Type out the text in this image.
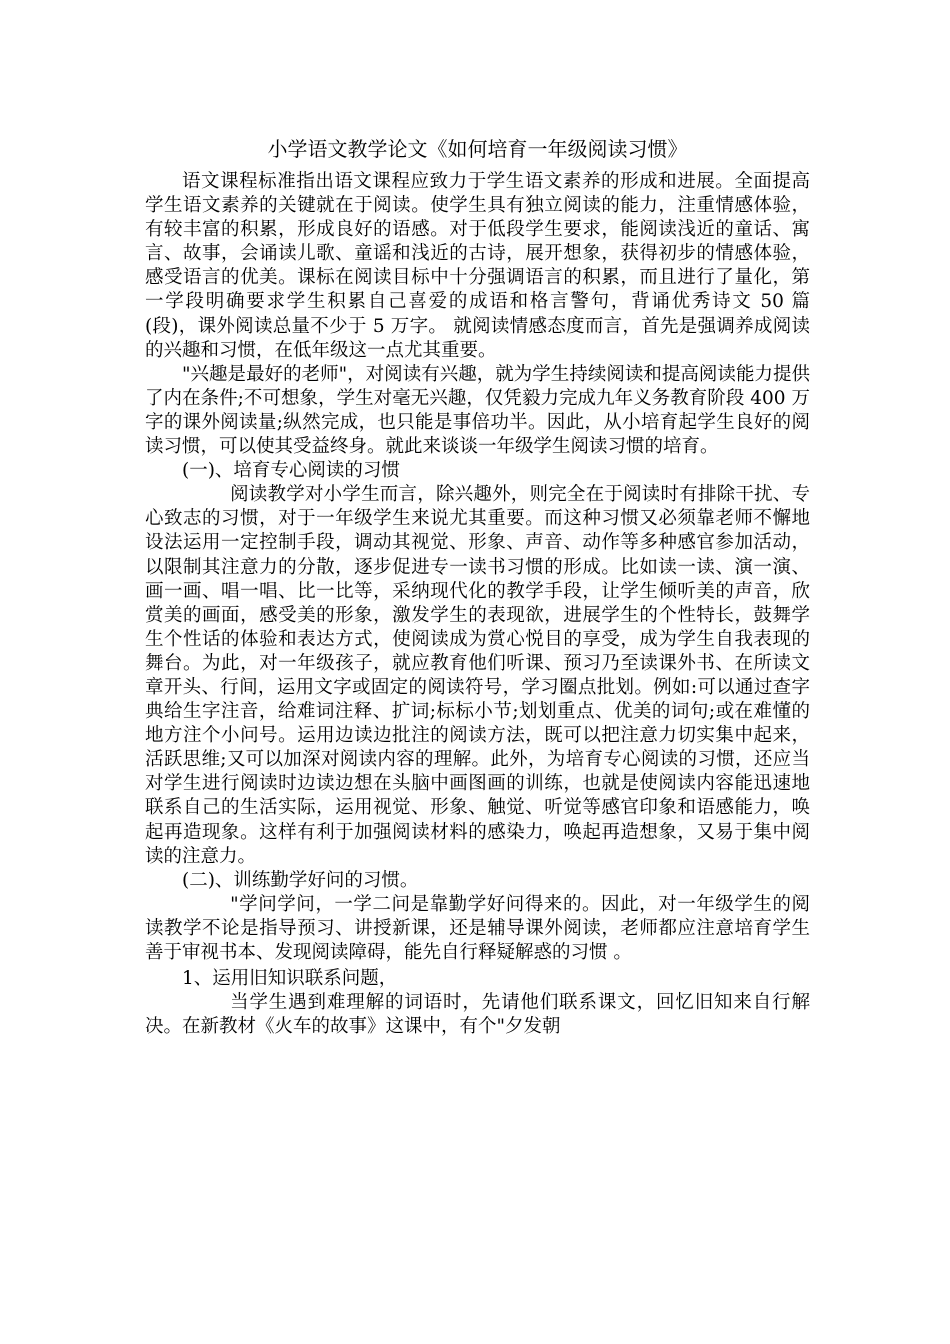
小学语文教学论文《如何培育一年级阅读习惯》

语文课程标准指出语文课程应致力于学生语文素养的形成和进展。全面提高学生语文素养的关键就在于阅读。使学生具有独立阅读的能力，注重情感体验，有较丰富的积累，形成良好的语感。对于低段学生要求，能阅读浅近的童话、寓言、故事，会诵读儿歌、童谣和浅近的古诗，展开想象，获得初步的情感体验，感受语言的优美。课标在阅读目标中十分强调语言的积累，而且进行了量化，第一学段明确要求学生积累自己喜爱的成语和格言警句，背诵优秀诗文 50 篇 (段)，课外阅读总量不少于 5 万字。 就阅读情感态度而言，首先是强调养成阅读的兴趣和习惯，在低年级这一点尤其重要。

"兴趣是最好的老师"，对阅读有兴趣，就为学生持续阅读和提高阅读能力提供了内在条件;不可想象，学生对毫无兴趣，仅凭毅力完成九年义务教育阶段 400 万字的课外阅读量;纵然完成，也只能是事倍功半。因此，从小培育起学生良好的阅读习惯，可以使其受益终身。就此来谈谈一年级学生阅读习惯的培育。

(一)、培育专心阅读的习惯

阅读教学对小学生而言，除兴趣外，则完全在于阅读时有排除干扰、专心致志的习惯，对于一年级学生来说尤其重要。而这种习惯又必须靠老师不懈地设法运用一定控制手段，调动其视觉、形象、声音、动作等多种感官参加活动，以限制其注意力的分散，逐步促进专一读书习惯的形成。比如读一读、演一演、画一画、唱一唱、比一比等，采纳现代化的教学手段，让学生倾听美的声音，欣赏美的画面，感受美的形象，激发学生的表现欲，进展学生的个性特长，鼓舞学生个性话的体验和表达方式，使阅读成为赏心悦目的享受，成为学生自我表现的舞台。为此，对一年级孩子，就应教育他们听课、预习乃至读课外书、在所读文章开头、行间，运用文字或固定的阅读符号，学习圈点批划。例如:可以通过查字典给生字注音，给难词注释、扩词;标标小节;划划重点、优美的词句;或在难懂的地方注个小问号。运用边读边批注的阅读方法，既可以把注意力切实集中起来，活跃思维;又可以加深对阅读内容的理解。此外，为培育专心阅读的习惯，还应当对学生进行阅读时边读边想在头脑中画图画的训练，也就是使阅读内容能迅速地联系自己的生活实际，运用视觉、形象、触觉、听觉等感官印象和语感能力，唤起再造现象。这样有利于加强阅读材料的感染力，唤起再造想象，又易于集中阅读的注意力。

(二)、训练勤学好问的习惯。

"学问学问，一学二问是靠勤学好问得来的。因此，对一年级学生的阅读教学不论是指导预习、讲授新课，还是辅导课外阅读，老师都应注意培育学生善于审视书本、发现阅读障碍，能先自行释疑解惑的习惯 。

1、运用旧知识联系问题，

当学生遇到难理解的词语时，先请他们联系课文，回忆旧知来自行解决。在新教材《火车的故事》这课中，有个"夕发朝
